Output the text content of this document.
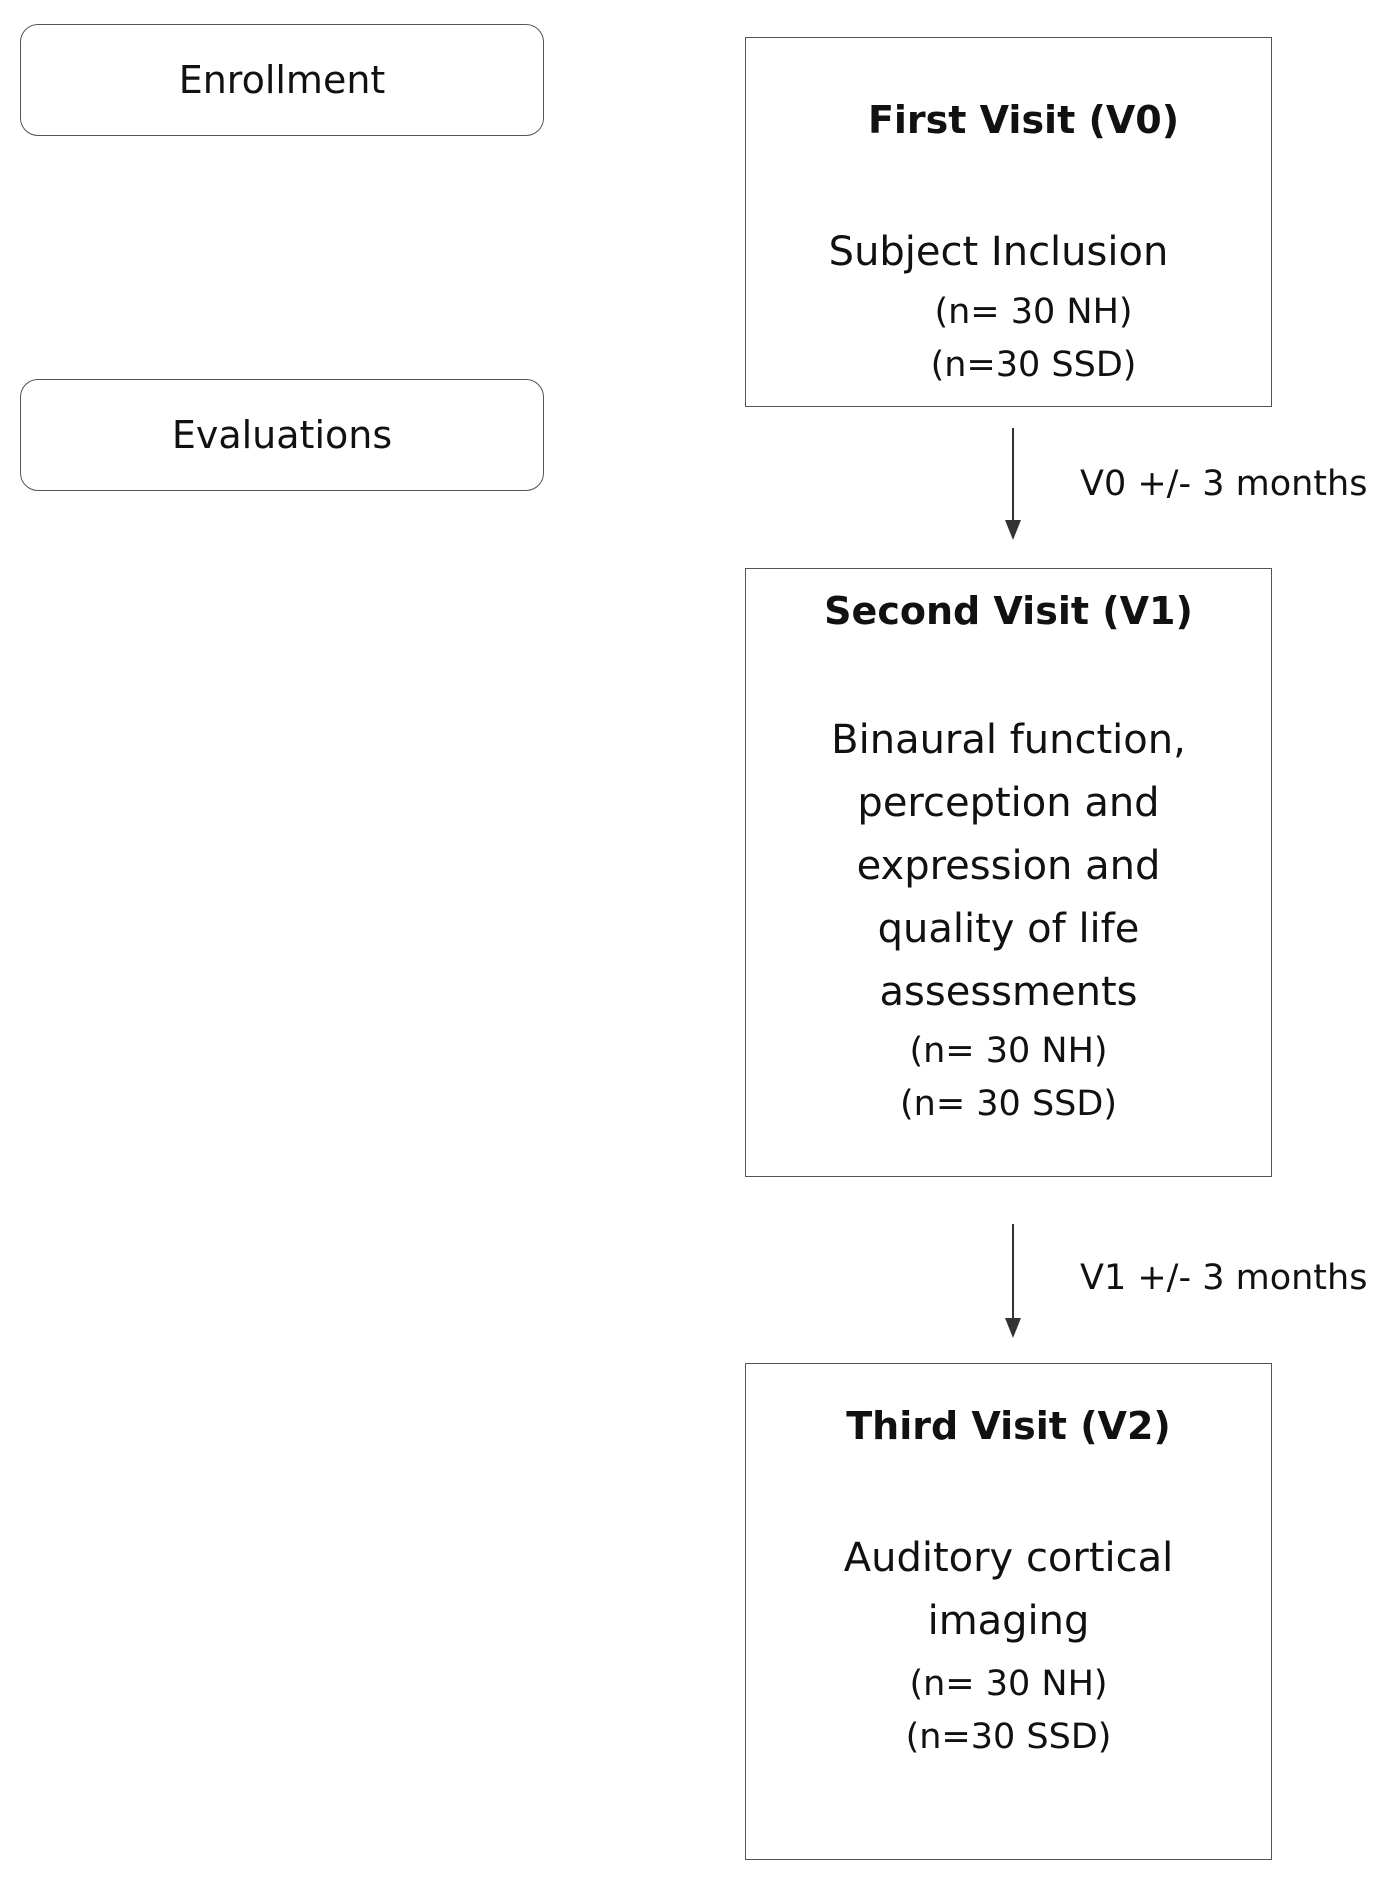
Enrollment
Evaluations
First Visit (V0)
Subject Inclusion
(n= 30 NH)
(n=30 SSD)
V0 +/- 3 months
Second Visit (V1)
Binaural function,
perception and
expression and
quality of life
assessments
(n= 30 NH)
(n= 30 SSD)
V1 +/- 3 months
Third Visit (V2)
Auditory cortical
imaging
(n= 30 NH)
(n=30 SSD)
